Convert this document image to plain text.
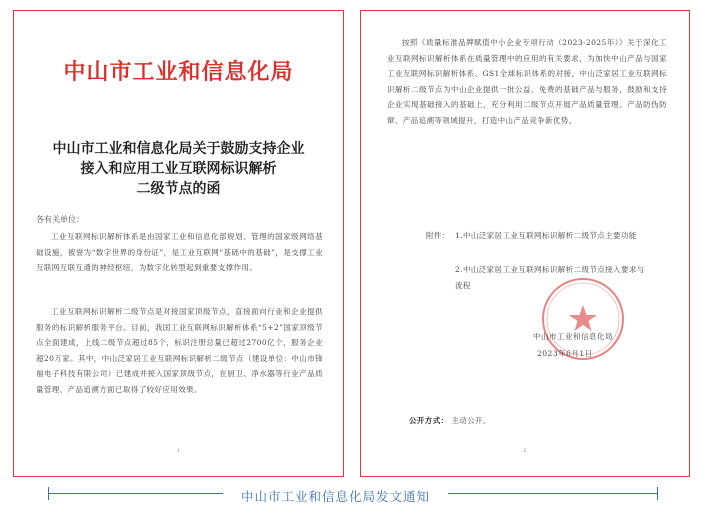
中山市工业和信息化局
中山市工业和信息化局关于鼓励支持企业
接入和应用工业互联网标识解析
二级节点的函
各有关单位：
工业互联网标识解析体系是由国家工业和信息化部规划、管理的国家级网络基础设施，被誉为“数字世界的身份证”，是工业互联网“基础中的基础”，是支撑工业互联网互联互通的神经枢纽，为数字化转型起到重要支撑作用。
工业互联网标识解析二级节点是对接国家顶级节点，直接面向行业和企业提供服务的标识解析服务平台。目前，我国工业互联网标识解析体系“5+2”国家顶级节点全面建成，上线二级节点超过85个，标识注册总量已超过2700亿个，服务企业超20万家。其中，中山泛家居工业互联网标识解析二级节点（建设单位：中山市锋福电子科技有限公司）已建成并接入国家顶级节点，在厨卫、净水器等行业产品质量管理、产品追溯方面已取得了较好应用效果。
1
按照《质量标准品牌赋值中小企业专项行动（2023-2025年）》关于深化工业互联网标识解析体系在质量管理中的应用的有关要求，为加快中山产品与国家工业互联网标识解析体系、GS1全球标识体系的对接，中山泛家居工业互联网标识解析二级节点为中山企业提供一批公益、免费的基础产品与服务，鼓励和支持企业实现基础接入的基础上，充分利用二级节点开展产品质量管理、产品防伪防窜、产品追溯等领域提升，打造中山产品竞争新优势。
附件： 1.中山泛家居工业互联网标识解析二级节点主要功能
2.中山泛家居工业互联网标识解析二级节点接入要求与流程
中山市工业和信息化局
2023年6月1日
公开方式： 主动公开。
2
中山市工业和信息化局发文通知
